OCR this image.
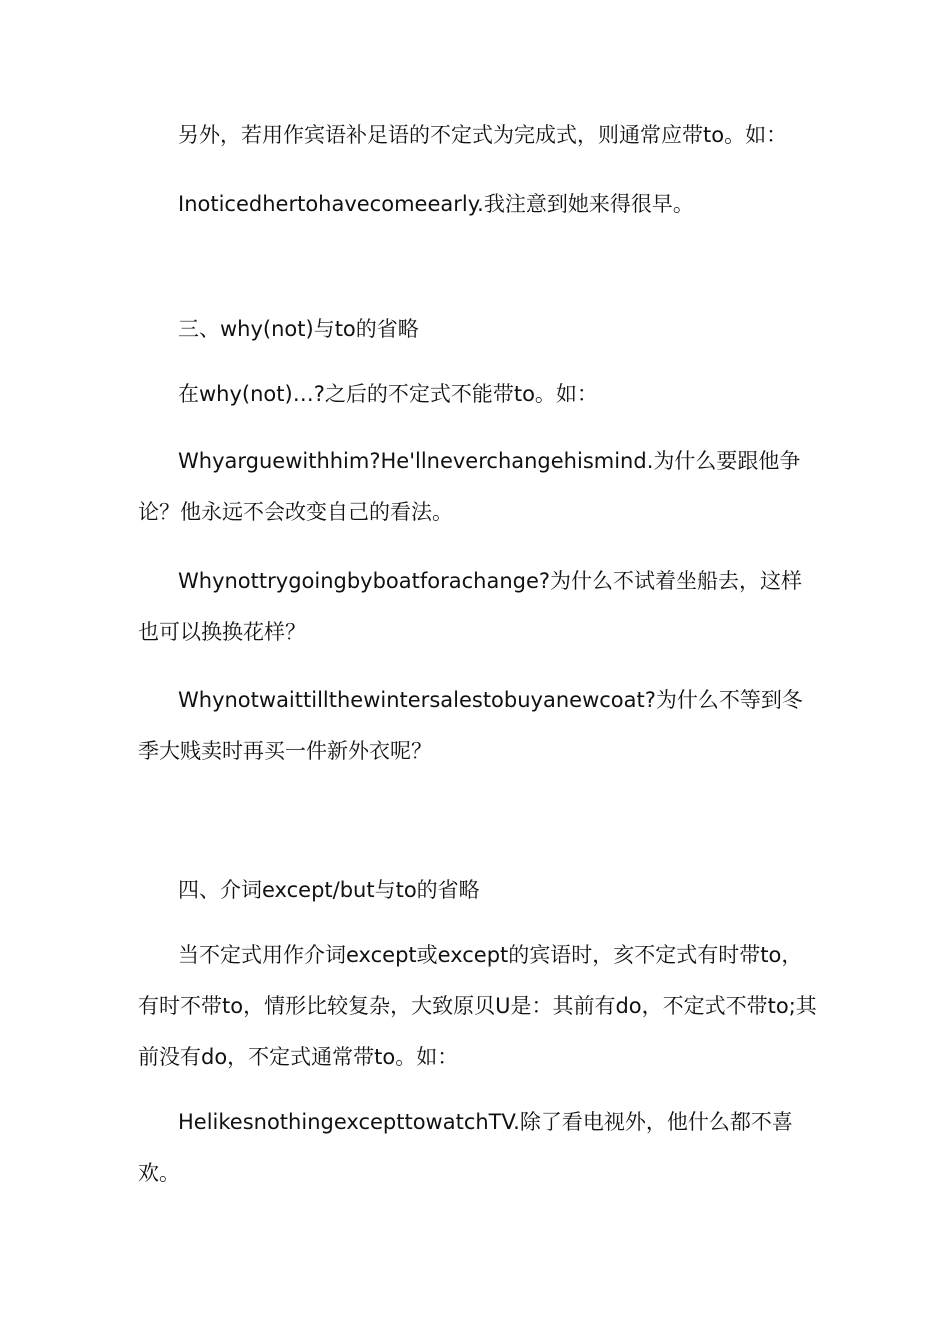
另外，若用作宾语补足语的不定式为完成式，则通常应带to。如：

Inoticedhertohavecomeearly.我注意到她来得很早。

三、why(not)与to的省略

在why(not)…?之后的不定式不能带to。如：

Whyarguewithhim?He'llneverchangehismind.为什么要跟他争论？他永远不会改变自己的看法。

Whynottrygoingbyboatforachange?为什么不试着坐船去，这样也可以换换花样？

Whynotwaittillthewintersalestobuyanewcoat?为什么不等到冬季大贱卖时再买一件新外衣呢？

四、介词except/but与to的省略

当不定式用作介词except或except的宾语时，亥不定式有时带to，有时不带to，情形比较复杂，大致原贝U是：其前有do，不定式不带to;其前没有do，不定式通常带to。如：

HelikesnothingexcepttowatchTV.除了看电视外，他什么都不喜欢。
